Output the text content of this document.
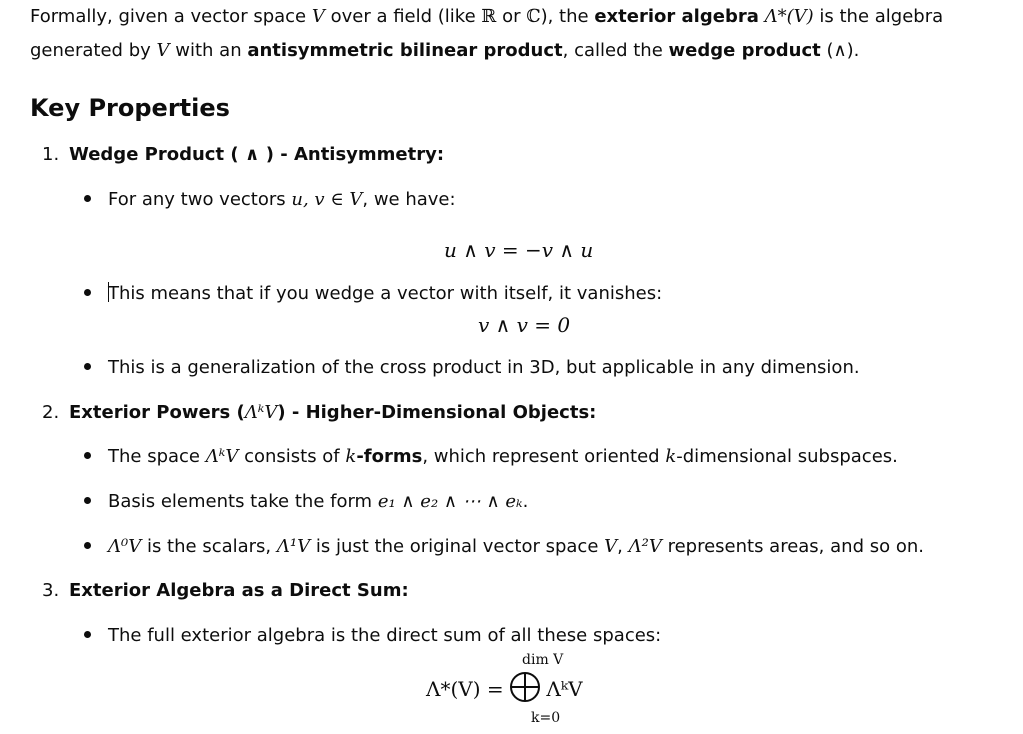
Formally, given a vector space V over a field (like ℝ or ℂ), the exterior algebra Λ*(V) is the algebra generated by V with an antisymmetric bilinear product, called the wedge product (∧).
Key Properties
1. Wedge Product ( ∧ ) - Antisymmetry:
For any two vectors u, v ∈ V, we have:
u ∧ v = −v ∧ u
This means that if you wedge a vector with itself, it vanishes:
v ∧ v = 0
This is a generalization of the cross product in 3D, but applicable in any dimension.
2. Exterior Powers (ΛᵏV) - Higher-Dimensional Objects:
The space ΛᵏV consists of k-forms, which represent oriented k-dimensional subspaces.
Basis elements take the form e₁ ∧ e₂ ∧ ⋯ ∧ eₖ.
Λ⁰V is the scalars, Λ¹V is just the original vector space V, Λ²V represents areas, and so on.
3. Exterior Algebra as a Direct Sum:
The full exterior algebra is the direct sum of all these spaces:
dim V
Λ*(V) = ΛᵏV
k=0
